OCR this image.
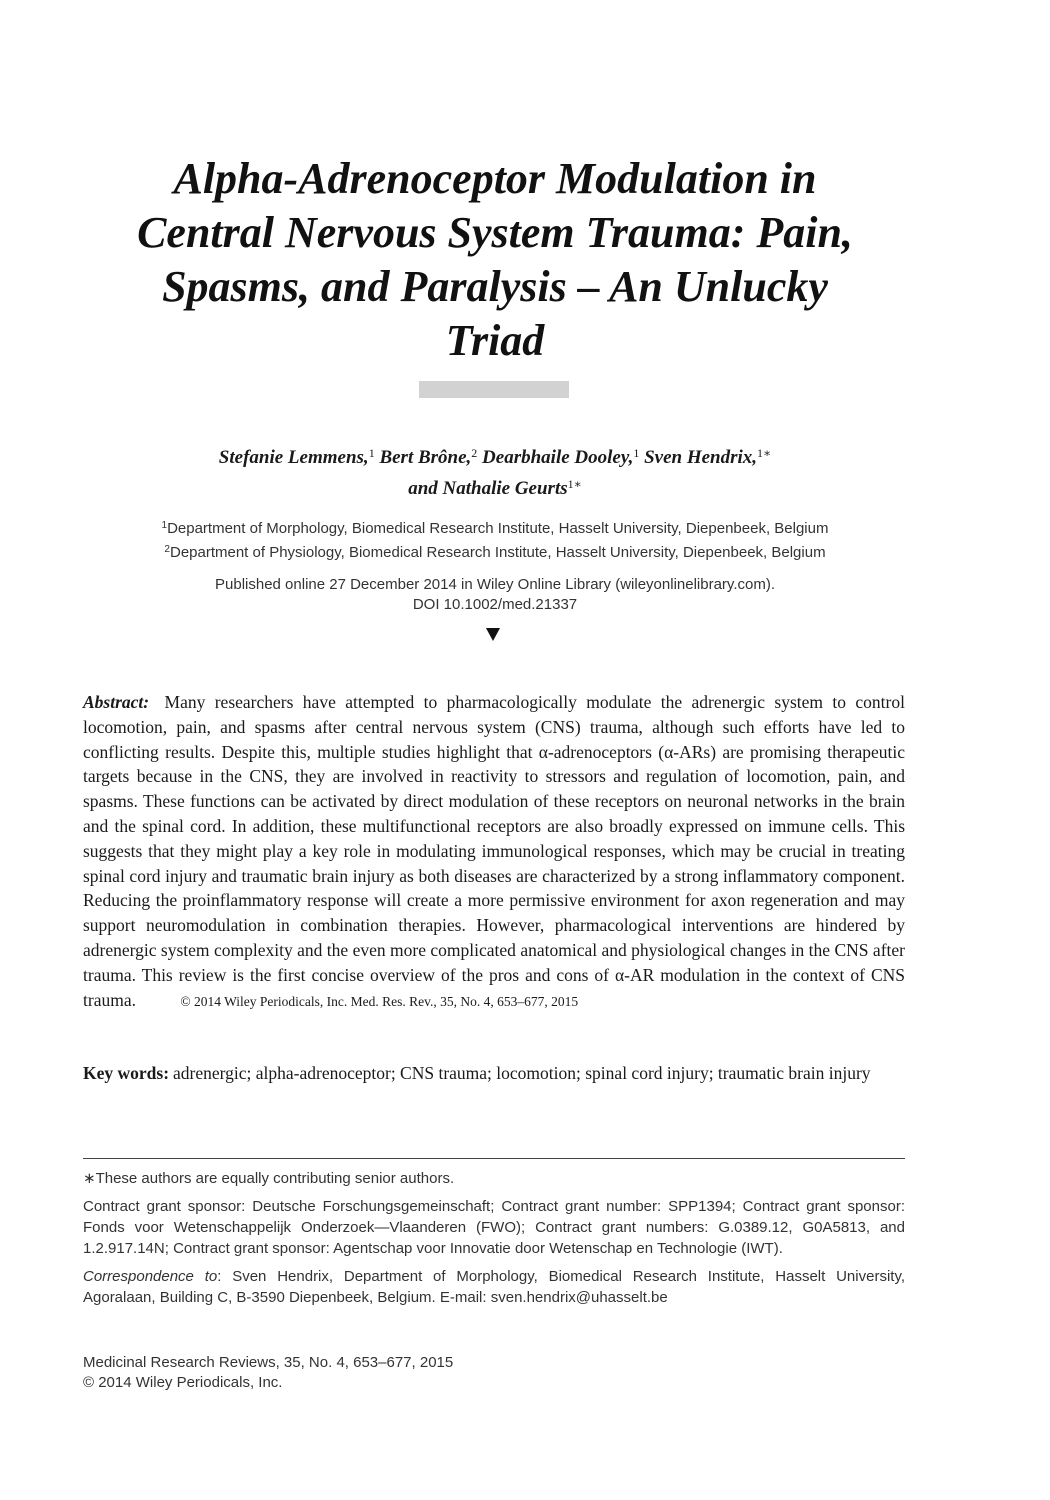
Alpha-Adrenoceptor Modulation in
Central Nervous System Trauma: Pain,
Spasms, and Paralysis – An Unlucky
Triad
Stefanie Lemmens,$^1$ Bert Brône,$^2$ Dearbhaile Dooley,$^1$ Sven Hendrix,$^{1∗}$
and Nathalie Geurts$^{1∗}$
$^1$Department of Morphology, Biomedical Research Institute, Hasselt University, Diepenbeek, Belgium
$^2$Department of Physiology, Biomedical Research Institute, Hasselt University, Diepenbeek, Belgium
Published online 27 December 2014 in Wiley Online Library (wileyonlinelibrary.com).
DOI 10.1002/med.21337
Abstract: Many researchers have attempted to pharmacologically modulate the adrenergic system to control locomotion, pain, and spasms after central nervous system (CNS) trauma, although such efforts have led to conflicting results. Despite this, multiple studies highlight that α-adrenoceptors (α-ARs) are promising therapeutic targets because in the CNS, they are involved in reactivity to stressors and regulation of locomotion, pain, and spasms. These functions can be activated by direct modulation of these receptors on neuronal networks in the brain and the spinal cord. In addition, these multifunctional receptors are also broadly expressed on immune cells. This suggests that they might play a key role in modulating immunological responses, which may be crucial in treating spinal cord injury and traumatic brain injury as both diseases are characterized by a strong inflammatory component. Reducing the proinflammatory response will create a more permissive environment for axon regeneration and may support neuromodulation in combination therapies. However, pharmacological interventions are hindered by adrenergic system complexity and the even more complicated anatomical and physiological changes in the CNS after trauma. This review is the first concise overview of the pros and cons of α-AR modulation in the context of CNS trauma.	© 2014 Wiley Periodicals, Inc. Med. Res. Rev., 35, No. 4, 653–677, 2015
Key words: adrenergic; alpha-adrenoceptor; CNS trauma; locomotion; spinal cord injury; traumatic brain injury

∗These authors are equally contributing senior authors.

Contract grant sponsor: Deutsche Forschungsgemeinschaft; Contract grant number: SPP1394; Contract grant sponsor: Fonds voor Wetenschappelijk Onderzoek—Vlaanderen (FWO); Contract grant numbers: G.0389.12, G0A5813, and 1.2.917.14N; Contract grant sponsor: Agentschap voor Innovatie door Wetenschap en Technologie (IWT).

Correspondence to: Sven Hendrix, Department of Morphology, Biomedical Research Institute, Hasselt University, Agoralaan, Building C, B-3590 Diepenbeek, Belgium. E-mail: sven.hendrix@uhasselt.be

Medicinal Research Reviews, 35, No. 4, 653–677, 2015
© 2014 Wiley Periodicals, Inc.
